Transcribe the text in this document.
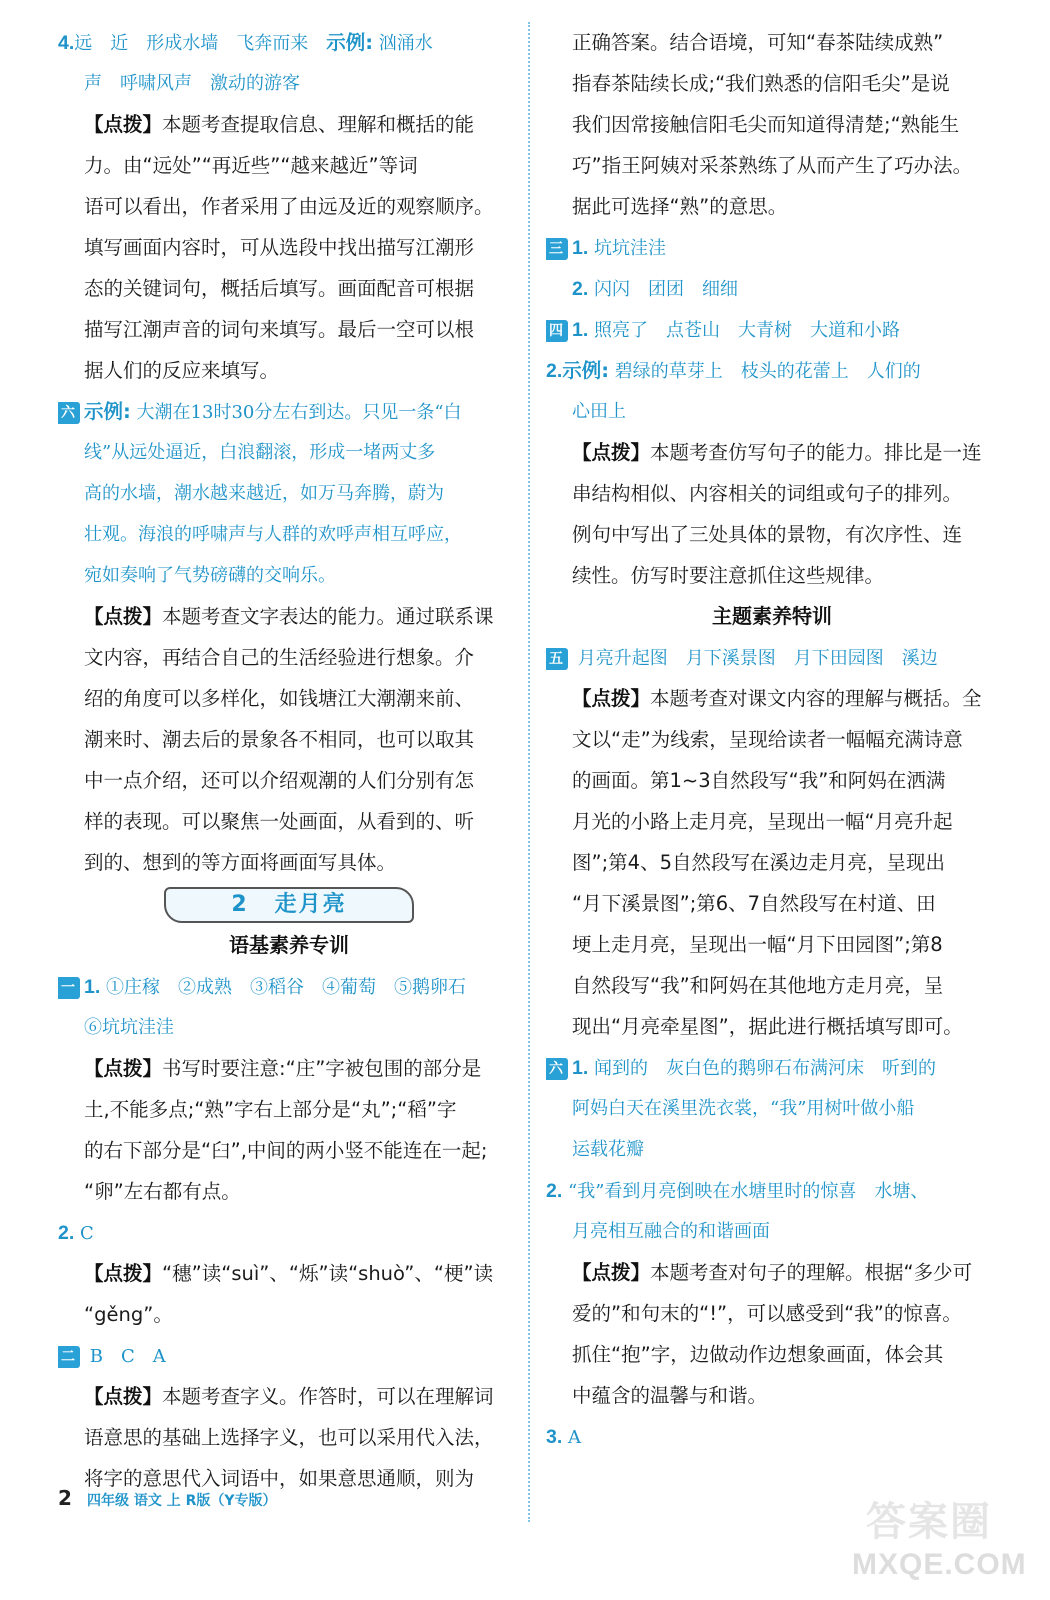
4.远　近　形成水墙　飞奔而来　示例: 汹涌水
声　呼啸风声　激动的游客
【点拨】本题考查提取信息、理解和概括的能
力。由“远处”“再近些”“越来越近”等词
语可以看出，作者采用了由远及近的观察顺序。
填写画面内容时，可从选段中找出描写江潮形
态的关键词句，概括后填写。画面配音可根据
描写江潮声音的词句来填写。最后一空可以根
据人们的反应来填写。
六 示例: 大潮在13时30分左右到达。只见一条“白
线”从远处逼近，白浪翻滚，形成一堵两丈多
高的水墙，潮水越来越近，如万马奔腾，蔚为
壮观。海浪的呼啸声与人群的欢呼声相互呼应，
宛如奏响了气势磅礴的交响乐。
【点拨】本题考查文字表达的能力。通过联系课
文内容，再结合自己的生活经验进行想象。介
绍的角度可以多样化，如钱塘江大潮潮来前、
潮来时、潮去后的景象各不相同，也可以取其
中一点介绍，还可以介绍观潮的人们分别有怎
样的表现。可以聚焦一处画面，从看到的、听
到的、想到的等方面将画面写具体。
2 走月亮
语基素养专训
一 1. ①庄稼　②成熟　③稻谷　④葡萄　⑤鹅卵石
⑥坑坑洼洼
【点拨】书写时要注意:“庄”字被包围的部分是
土,不能多点;“熟”字右上部分是“丸”;“稻”字
的右下部分是“臼”,中间的两小竖不能连在一起;
“卵”左右都有点。
2. C
【点拨】“穗”读“suì”、“烁”读“shuò”、“梗”读
“gěng”。
二 B　C　A
【点拨】本题考查字义。作答时，可以在理解词
语意思的基础上选择字义，也可以采用代入法，
将字的意思代入词语中，如果意思通顺，则为
正确答案。结合语境，可知“春茶陆续成熟”
指春茶陆续长成;“我们熟悉的信阳毛尖”是说
我们因常接触信阳毛尖而知道得清楚;“熟能生
巧”指王阿姨对采茶熟练了从而产生了巧办法。
据此可选择“熟”的意思。
三 1. 坑坑洼洼
2. 闪闪　团团　细细
四 1. 照亮了　点苍山　大青树　大道和小路
2.示例: 碧绿的草芽上　枝头的花蕾上　人们的
心田上
【点拨】本题考查仿写句子的能力。排比是一连
串结构相似、内容相关的词组或句子的排列。
例句中写出了三处具体的景物，有次序性、连
续性。仿写时要注意抓住这些规律。
主题素养特训
五 月亮升起图　月下溪景图　月下田园图　溪边
【点拨】本题考查对课文内容的理解与概括。全
文以“走”为线索，呈现给读者一幅幅充满诗意
的画面。第1~3自然段写“我”和阿妈在洒满
月光的小路上走月亮，呈现出一幅“月亮升起
图”;第4、5自然段写在溪边走月亮，呈现出
“月下溪景图”;第6、7自然段写在村道、田
埂上走月亮，呈现出一幅“月下田园图”;第8
自然段写“我”和阿妈在其他地方走月亮，呈
现出“月亮牵星图”，据此进行概括填写即可。
六 1. 闻到的　灰白色的鹅卵石布满河床　听到的
阿妈白天在溪里洗衣裳，“我”用树叶做小船
运载花瓣
2. “我”看到月亮倒映在水塘里时的惊喜　水塘、
月亮相互融合的和谐画面
【点拨】本题考查对句子的理解。根据“多少可
爱的”和句末的“!”，可以感受到“我”的惊喜。
抓住“抱”字，边做动作边想象画面，体会其
中蕴含的温馨与和谐。
3. A
2 四年级 语文 上 R版（Y专版）	答案圈
MXQE.COM
